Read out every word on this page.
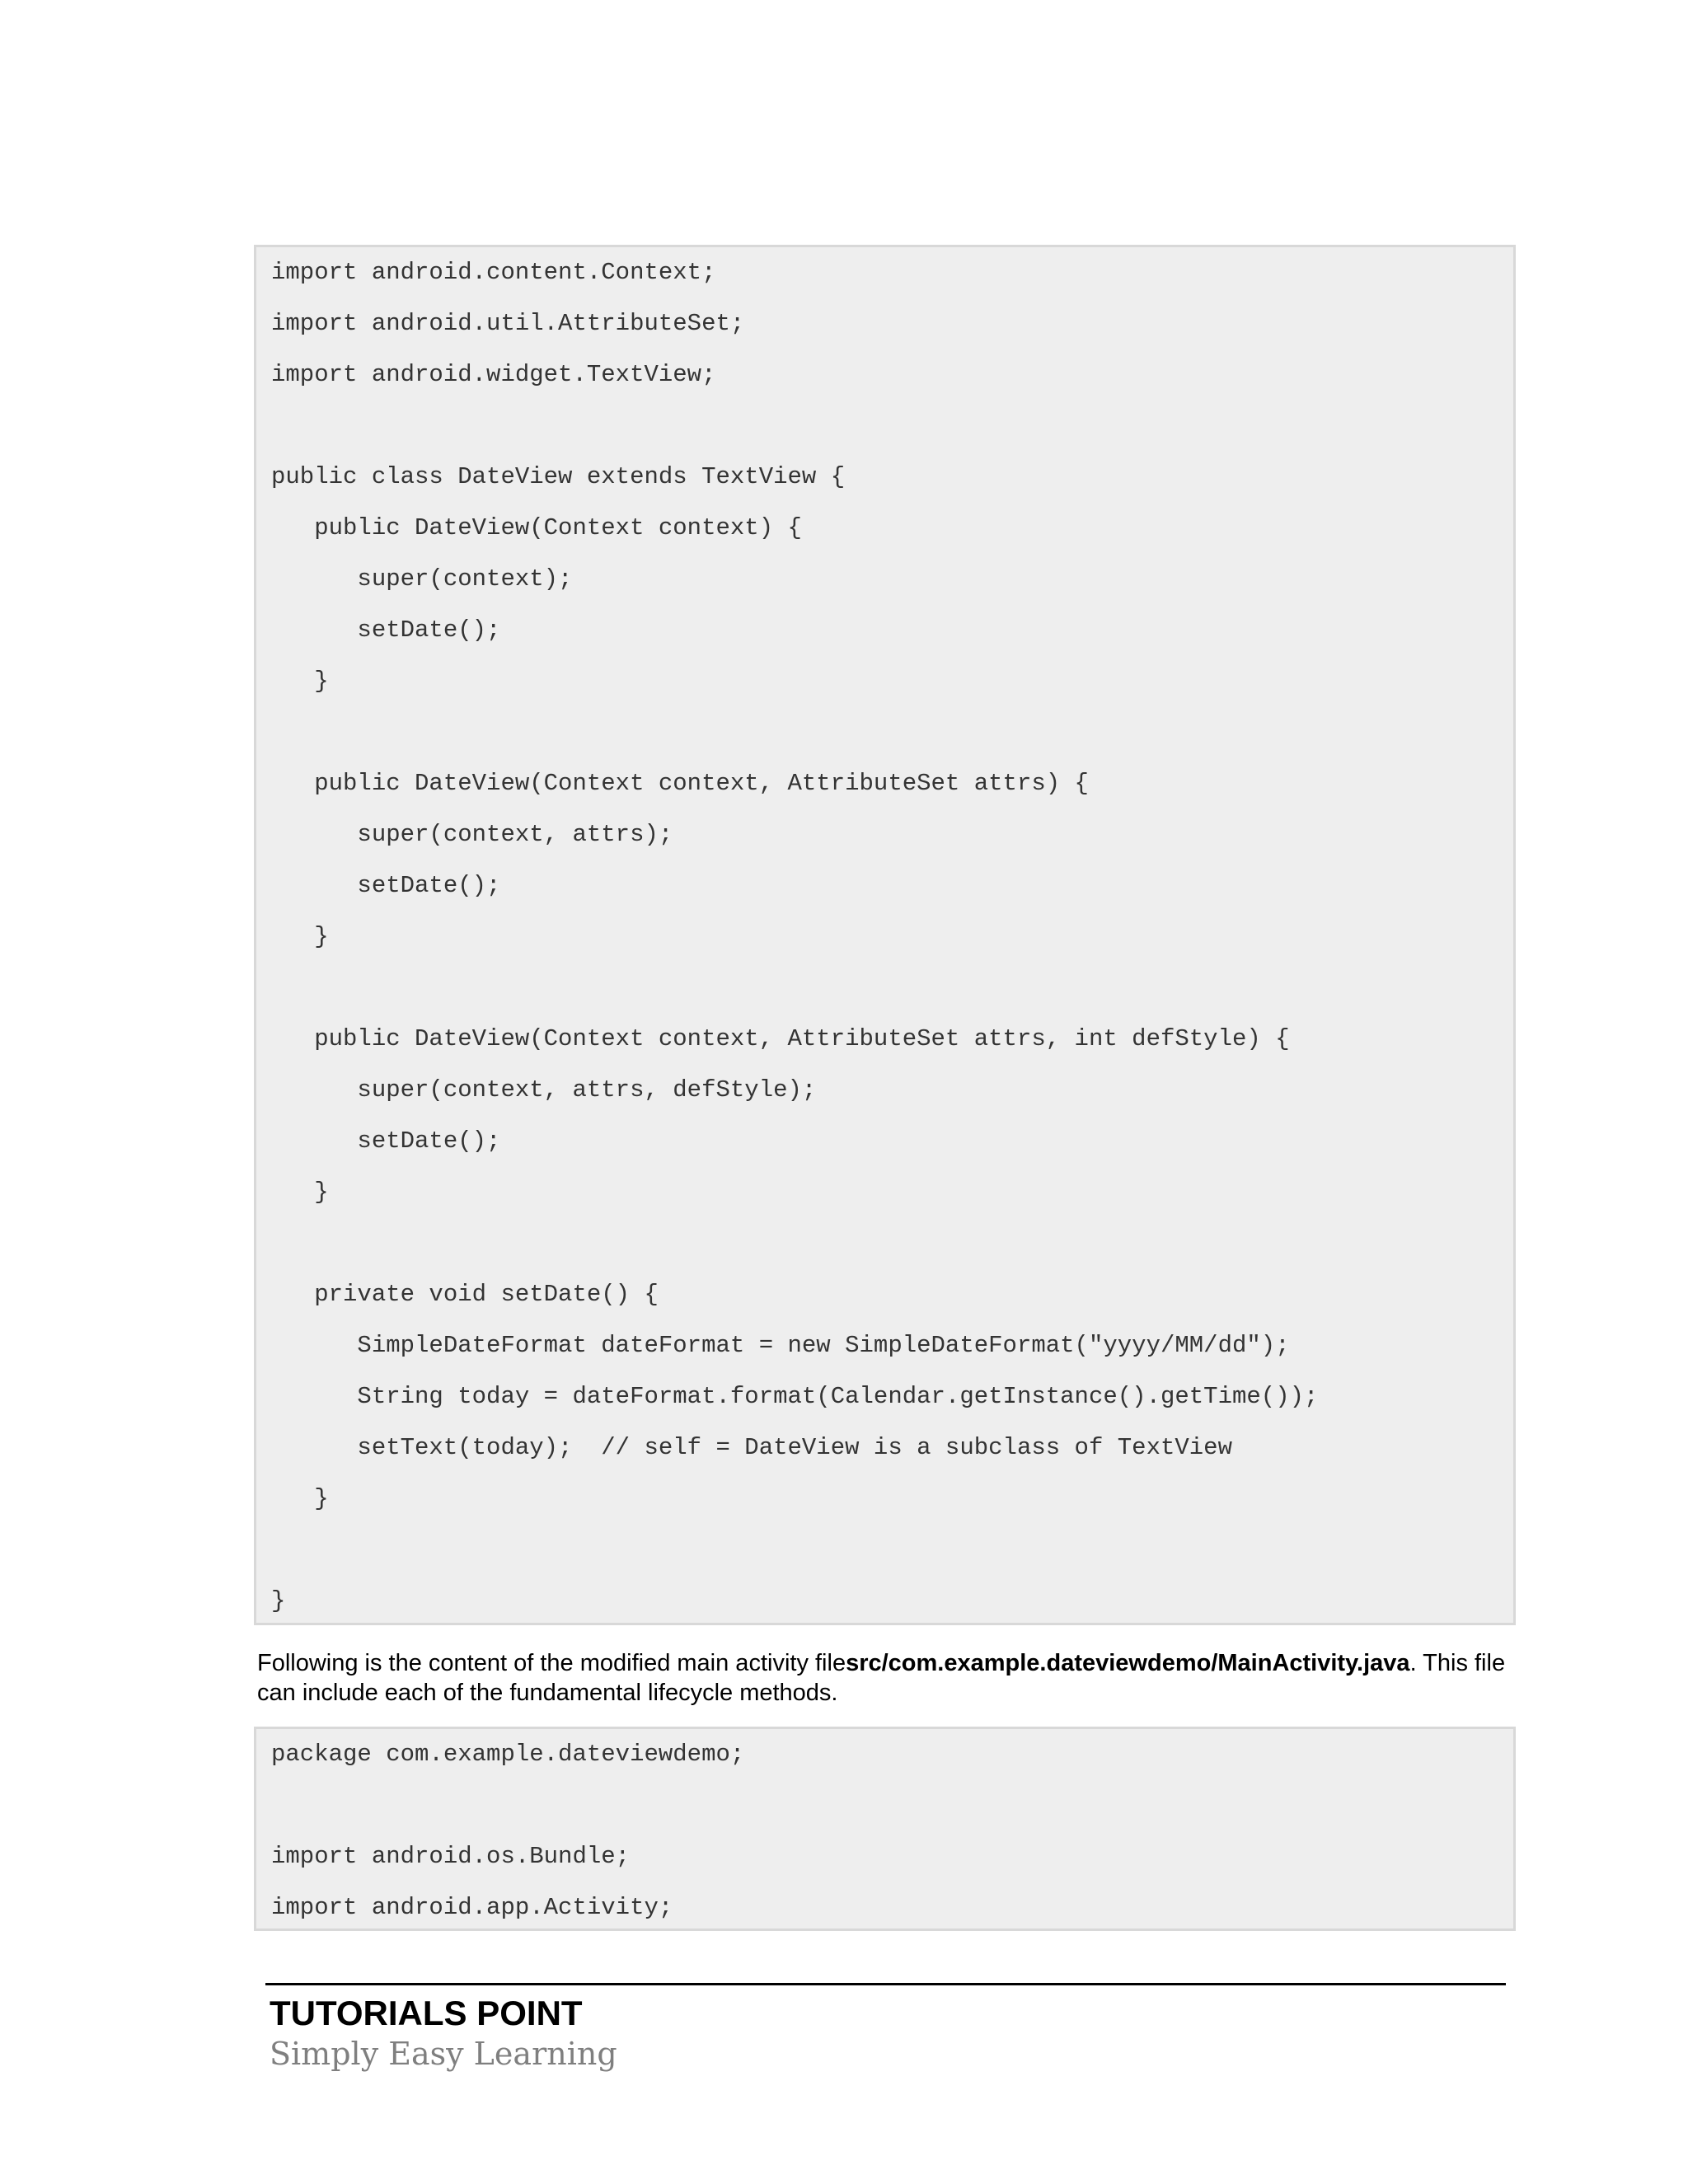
import android.content.Context;
import android.util.AttributeSet;
import android.widget.TextView;
public class DateView extends TextView {
public DateView(Context context) {
super(context);
setDate();
}
public DateView(Context context, AttributeSet attrs) {
super(context, attrs);
setDate();
}
public DateView(Context context, AttributeSet attrs, int defStyle) {
super(context, attrs, defStyle);
setDate();
}
private void setDate() {
SimpleDateFormat dateFormat = new SimpleDateFormat("yyyy/MM/dd");
String today = dateFormat.format(Calendar.getInstance().getTime());
setText(today);  // self = DateView is a subclass of TextView
}
}
Following is the content of the modified main activity filesrc/com.example.dateviewdemo/MainActivity.java. This file can include each of the fundamental lifecycle methods.
package com.example.dateviewdemo;
import android.os.Bundle;
import android.app.Activity;
TUTORIALS POINT
Simply Easy Learning
